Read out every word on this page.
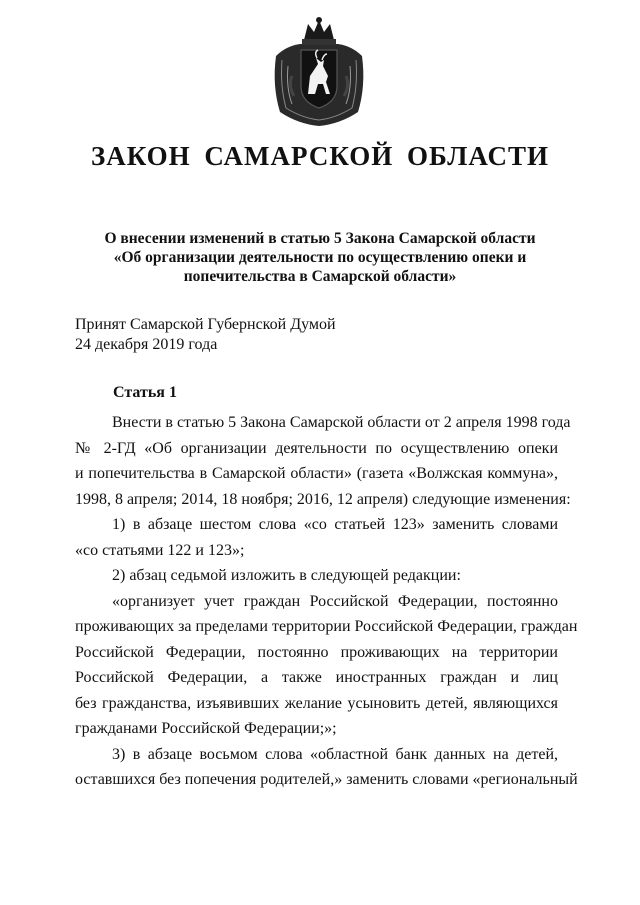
ЗАКОН САМАРСКОЙ ОБЛАСТИ
О внесении изменений в статью 5 Закона Самарской области
«Об организации деятельности по осуществлению опеки и
попечительства в Самарской области»
Принят Самарской Губернской Думой
24 декабря 2019 года
Статья 1
Внести в статью 5 Закона Самарской области от 2 апреля 1998 года
№ 2-ГД «Об организации деятельности по осуществлению опеки
и попечительства в Самарской области» (газета «Волжская коммуна»,
1998, 8 апреля; 2014, 18 ноября; 2016, 12 апреля) следующие изменения:
1) в абзаце шестом слова «со статьей 123» заменить словами
«со статьями 122 и 123»;
2) абзац седьмой изложить в следующей редакции:
«организует учет граждан Российской Федерации, постоянно
проживающих за пределами территории Российской Федерации, граждан
Российской Федерации, постоянно проживающих на территории
Российской Федерации, а также иностранных граждан и лиц
без гражданства, изъявивших желание усыновить детей, являющихся
гражданами Российской Федерации;»;
3) в абзаце восьмом слова «областной банк данных на детей,
оставшихся без попечения родителей,» заменить словами «региональный
